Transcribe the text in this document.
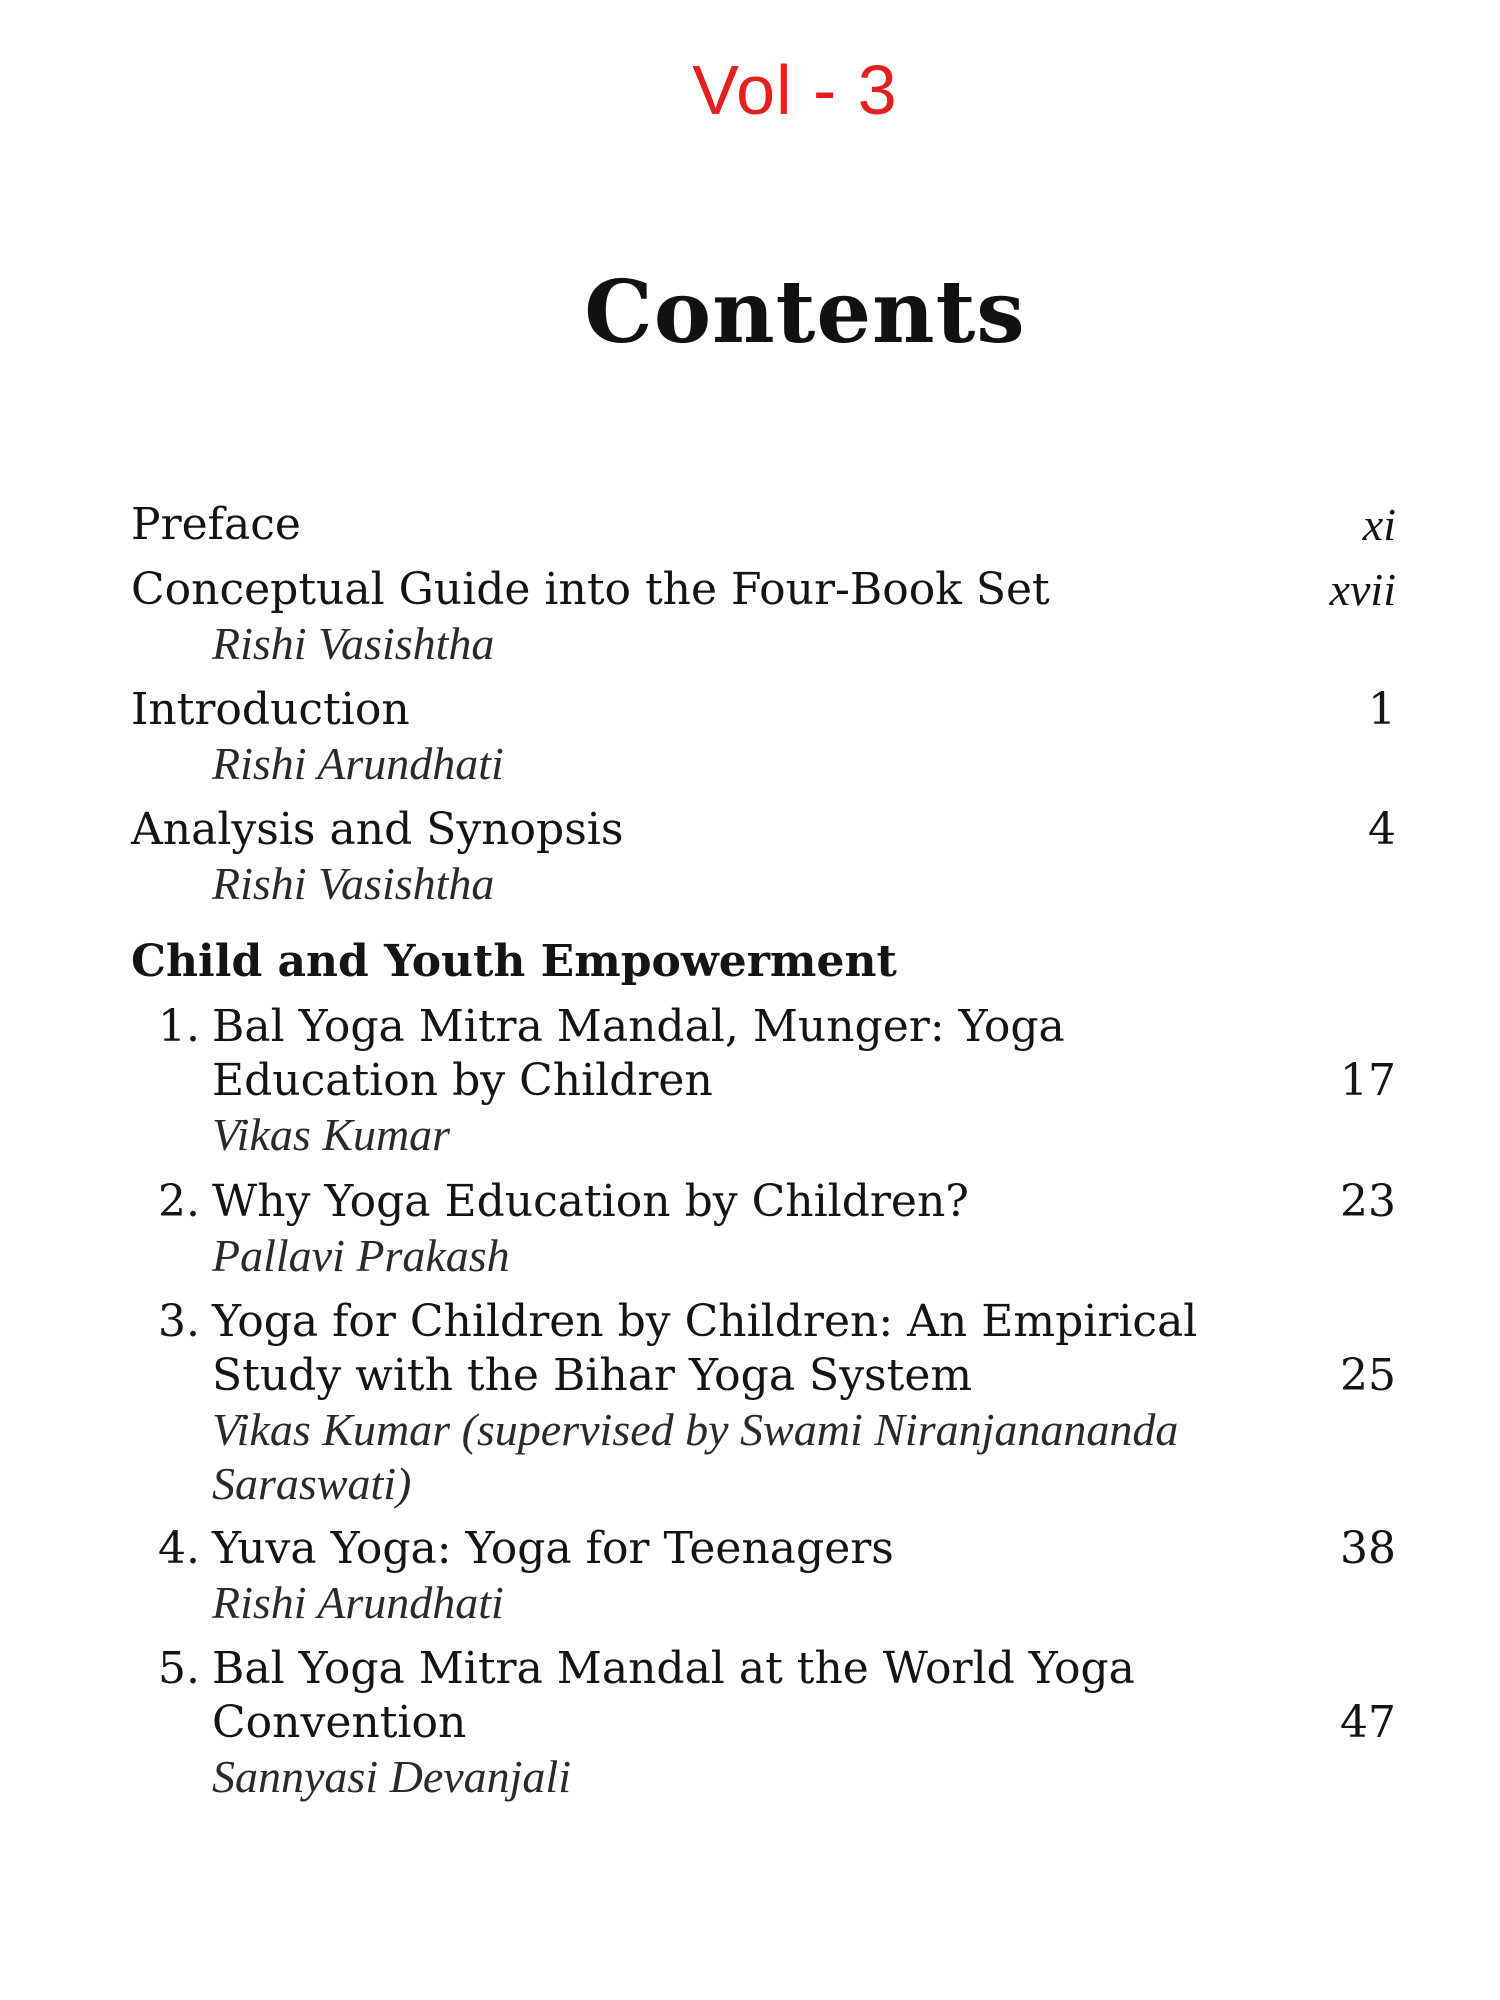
Vol - 3
Contents
Preface	xi
Conceptual Guide into the Four-Book Set	xvii
Rishi Vasishtha
Introduction	1
Rishi Arundhati
Analysis and Synopsis	4
Rishi Vasishtha
Child and Youth Empowerment
1. Bal Yoga Mitra Mandal, Munger: Yoga
Education by Children	17
Vikas Kumar
2. Why Yoga Education by Children?	23
Pallavi Prakash
3. Yoga for Children by Children: An Empirical
Study with the Bihar Yoga System	25
Vikas Kumar (supervised by Swami Niranjanananda
Saraswati)
4. Yuva Yoga: Yoga for Teenagers	38
Rishi Arundhati
5. Bal Yoga Mitra Mandal at the World Yoga
Convention	47
Sannyasi Devanjali
